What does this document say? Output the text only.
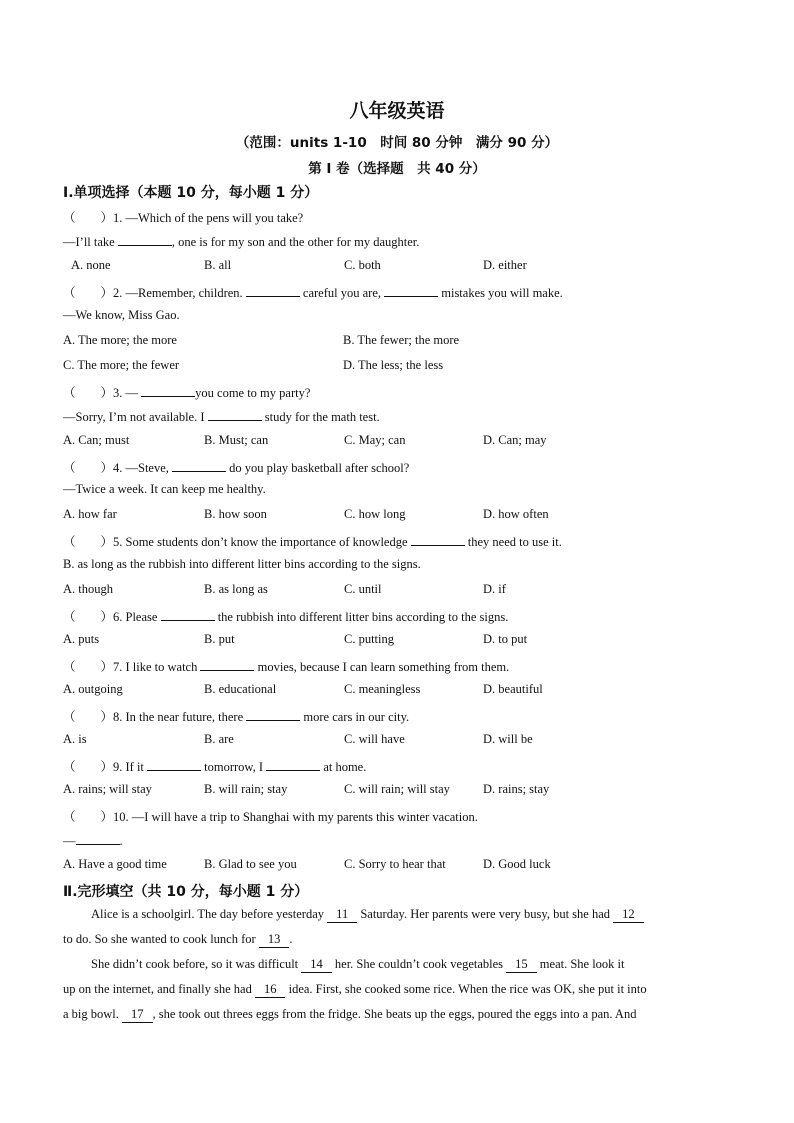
八年级英语
（范围：units 1-10　时间 80 分钟　满分 90 分）
第 I 卷（选择题　共 40 分）
Ⅰ.单项选择（本题 10 分，每小题 1 分）
（　　）1. —Which of the pens will you take?
—I’ll take	, one is for my son and the other for my daughter.
A. none	B. all	C. both	D. either
（　　）2. —Remember, children.	careful you are,	mistakes you will make.
—We know, Miss Gao.
A. The more; the more	B. The fewer; the more
C. The more; the fewer	D. The less; the less
（　　）3. —	you come to my party?
—Sorry, I’m not available. I	study for the math test.
A. Can; must	B. Must; can	C. May; can	D. Can; may
（　　）4. —Steve,	do you play basketball after school?
—Twice a week. It can keep me healthy.
A. how far	B. how soon	C. how long	D. how often
（　　）5. Some students don’t know the importance of knowledge	they need to use it.
B. as long as the rubbish into different litter bins according to the signs.
A. though	B. as long as	C. until	D. if
（　　）6. Please	the rubbish into different litter bins according to the signs.
A. puts	B. put	C. putting	D. to put
（　　）7. I like to watch	movies, because I can learn something from them.
A. outgoing	B. educational	C. meaningless	D. beautiful
（　　）8. In the near future, there	more cars in our city.
A. is	B. are	C. will have	D. will be
（　　）9. If it	tomorrow, I	at home.
A. rains; will stay	B. will rain; stay	C. will rain; will stay	D. rains; stay
（　　）10. —I will have a trip to Shanghai with my parents this winter vacation.
—	.
A. Have a good time	B. Glad to see you	C. Sorry to hear that	D. Good luck
Ⅱ.完形填空（共 10 分，每小题 1 分）
Alice is a schoolgirl. The day before yesterday 11 Saturday. Her parents were very busy, but she had 12
to do. So she wanted to cook lunch for 13 .
She didn’t cook before, so it was difficult 14 her. She couldn’t cook vegetables 15 meat. She look it
up on the internet, and finally she had 16 idea. First, she cooked some rice. When the rice was OK, she put it into
a big bowl. 17 , she took out threes eggs from the fridge. She beats up the eggs, poured the eggs into a pan. And
